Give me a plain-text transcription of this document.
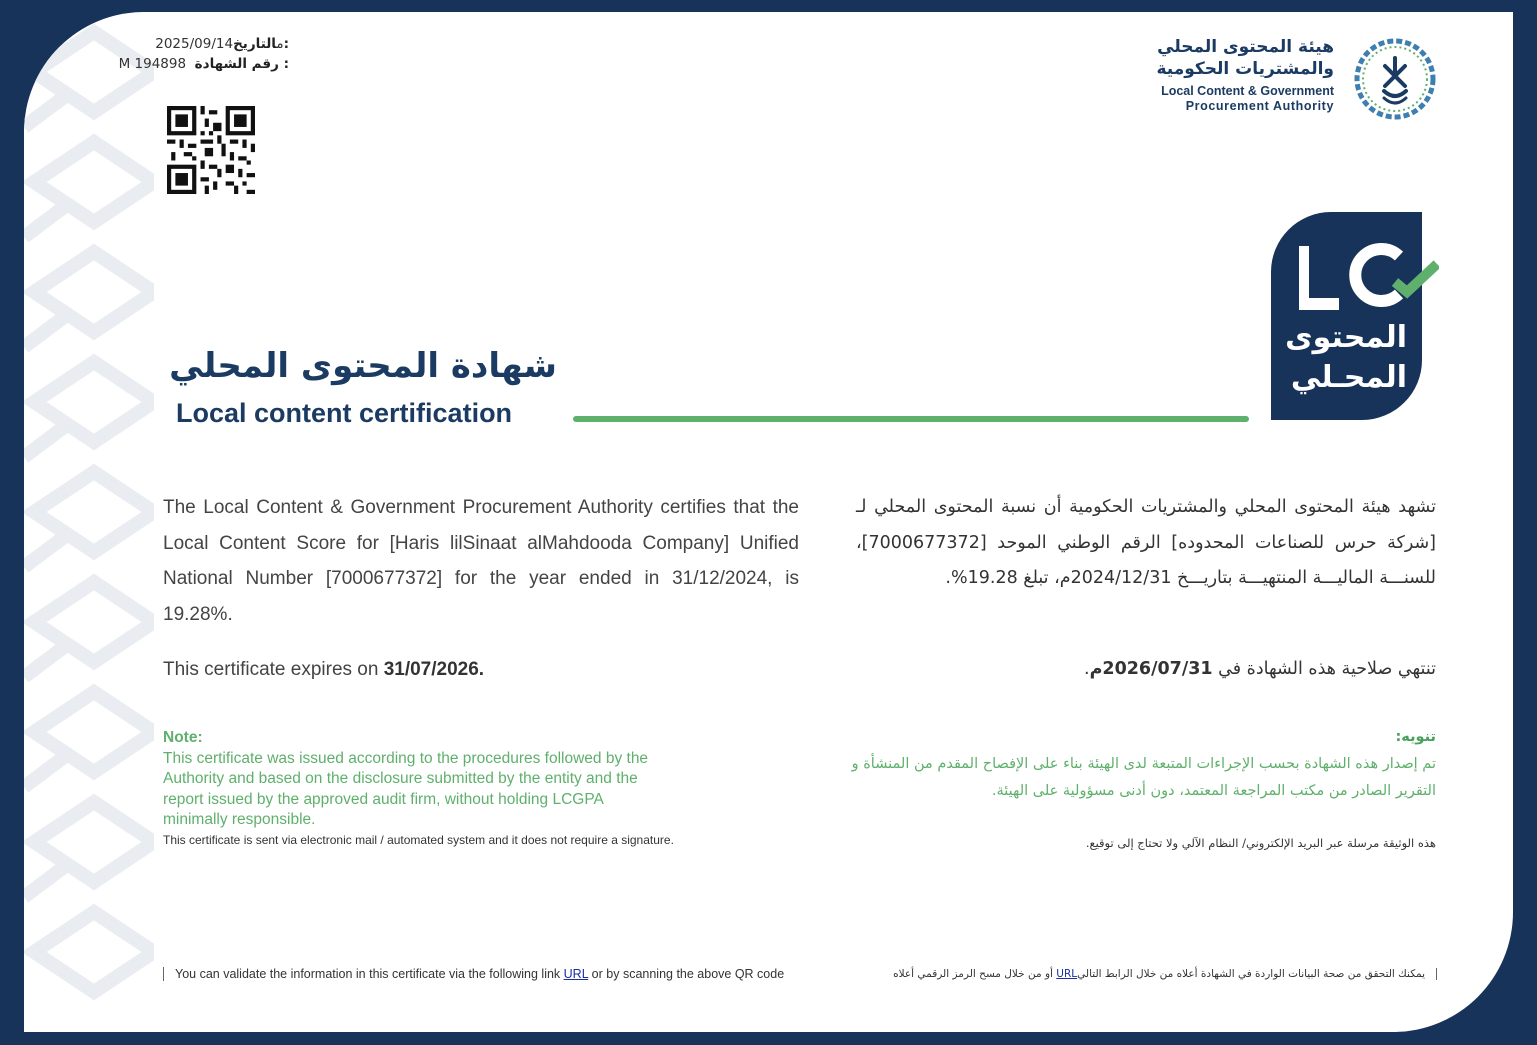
2025/09/14مالتاريخ:
M 194898 رقم الشهادة :
هيئة المحتوى المحلي
والمشتريات الحكومية
Local Content & Government
Procurement Authority
المحتوى
المحـلي
شهادة المحتوى المحلي
Local content certification
The Local Content & Government Procurement Authority certifies that the Local Content Score for [Haris lilSinaat alMahdooda Company] Unified National Number [7000677372] for the year ended in 31/12/2024, is 19.28%.
تشهد هيئة المحتوى المحلي والمشتريات الحكومية أن نسبة المحتوى المحلي لـ [شركة حرس للصناعات المحدوده] الرقم الوطني الموحد [7000677372]، للسنـــة الماليـــة المنتهيـــة بتاريـــخ 2024/12/31م، تبلغ 19.28%.
This certificate expires on 31/07/2026.	تنتهي صلاحية هذه الشهادة في 2026/07/31م.
Note:
This certificate was issued according to the procedures followed by the Authority and based on the disclosure submitted by the entity and the report issued by the approved audit firm, without holding LCGPA minimally responsible.
This certificate is sent via electronic mail / automated system and it does not require a signature.
تنويه:
تم إصدار هذه الشهادة بحسب الإجراءات المتبعة لدى الهيئة بناء على الإفصاح المقدم من المنشأة و التقرير الصادر من مكتب المراجعة المعتمد، دون أدنى مسؤولية على الهيئة.
هذه الوثيقة مرسلة عبر البريد الإلكتروني/ النظام الآلي ولا تحتاج إلى توقيع.
You can validate the information in this certificate via the following link URL or by scanning the above QR code	يمكنك التحقق من صحة البيانات الواردة في الشهادة أعلاه من خلال الرابط التاليURL أو من خلال مسح الرمز الرقمي أعلاه
